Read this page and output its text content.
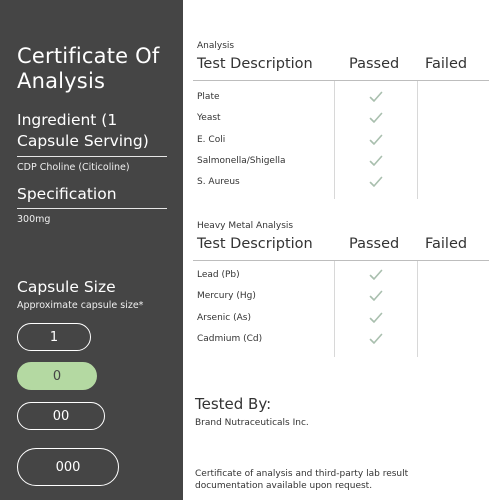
Certificate Of Analysis
Ingredient (1 Capsule Serving)
CDP Choline (Citicoline)
Specification
300mg
Capsule Size
Approximate capsule size*
1
0
00
000
Analysis
Test Description	Passed Failed
Plate
Yeast
E. Coli
Salmonella/Shigella
S. Aureus
Heavy Metal Analysis
Test Description	Passed Failed
Lead (Pb)
Mercury (Hg)
Arsenic (As)
Cadmium (Cd)
Tested By:
Brand Nutraceuticals Inc.
Certificate of analysis and third-party lab result documentation available upon request.
